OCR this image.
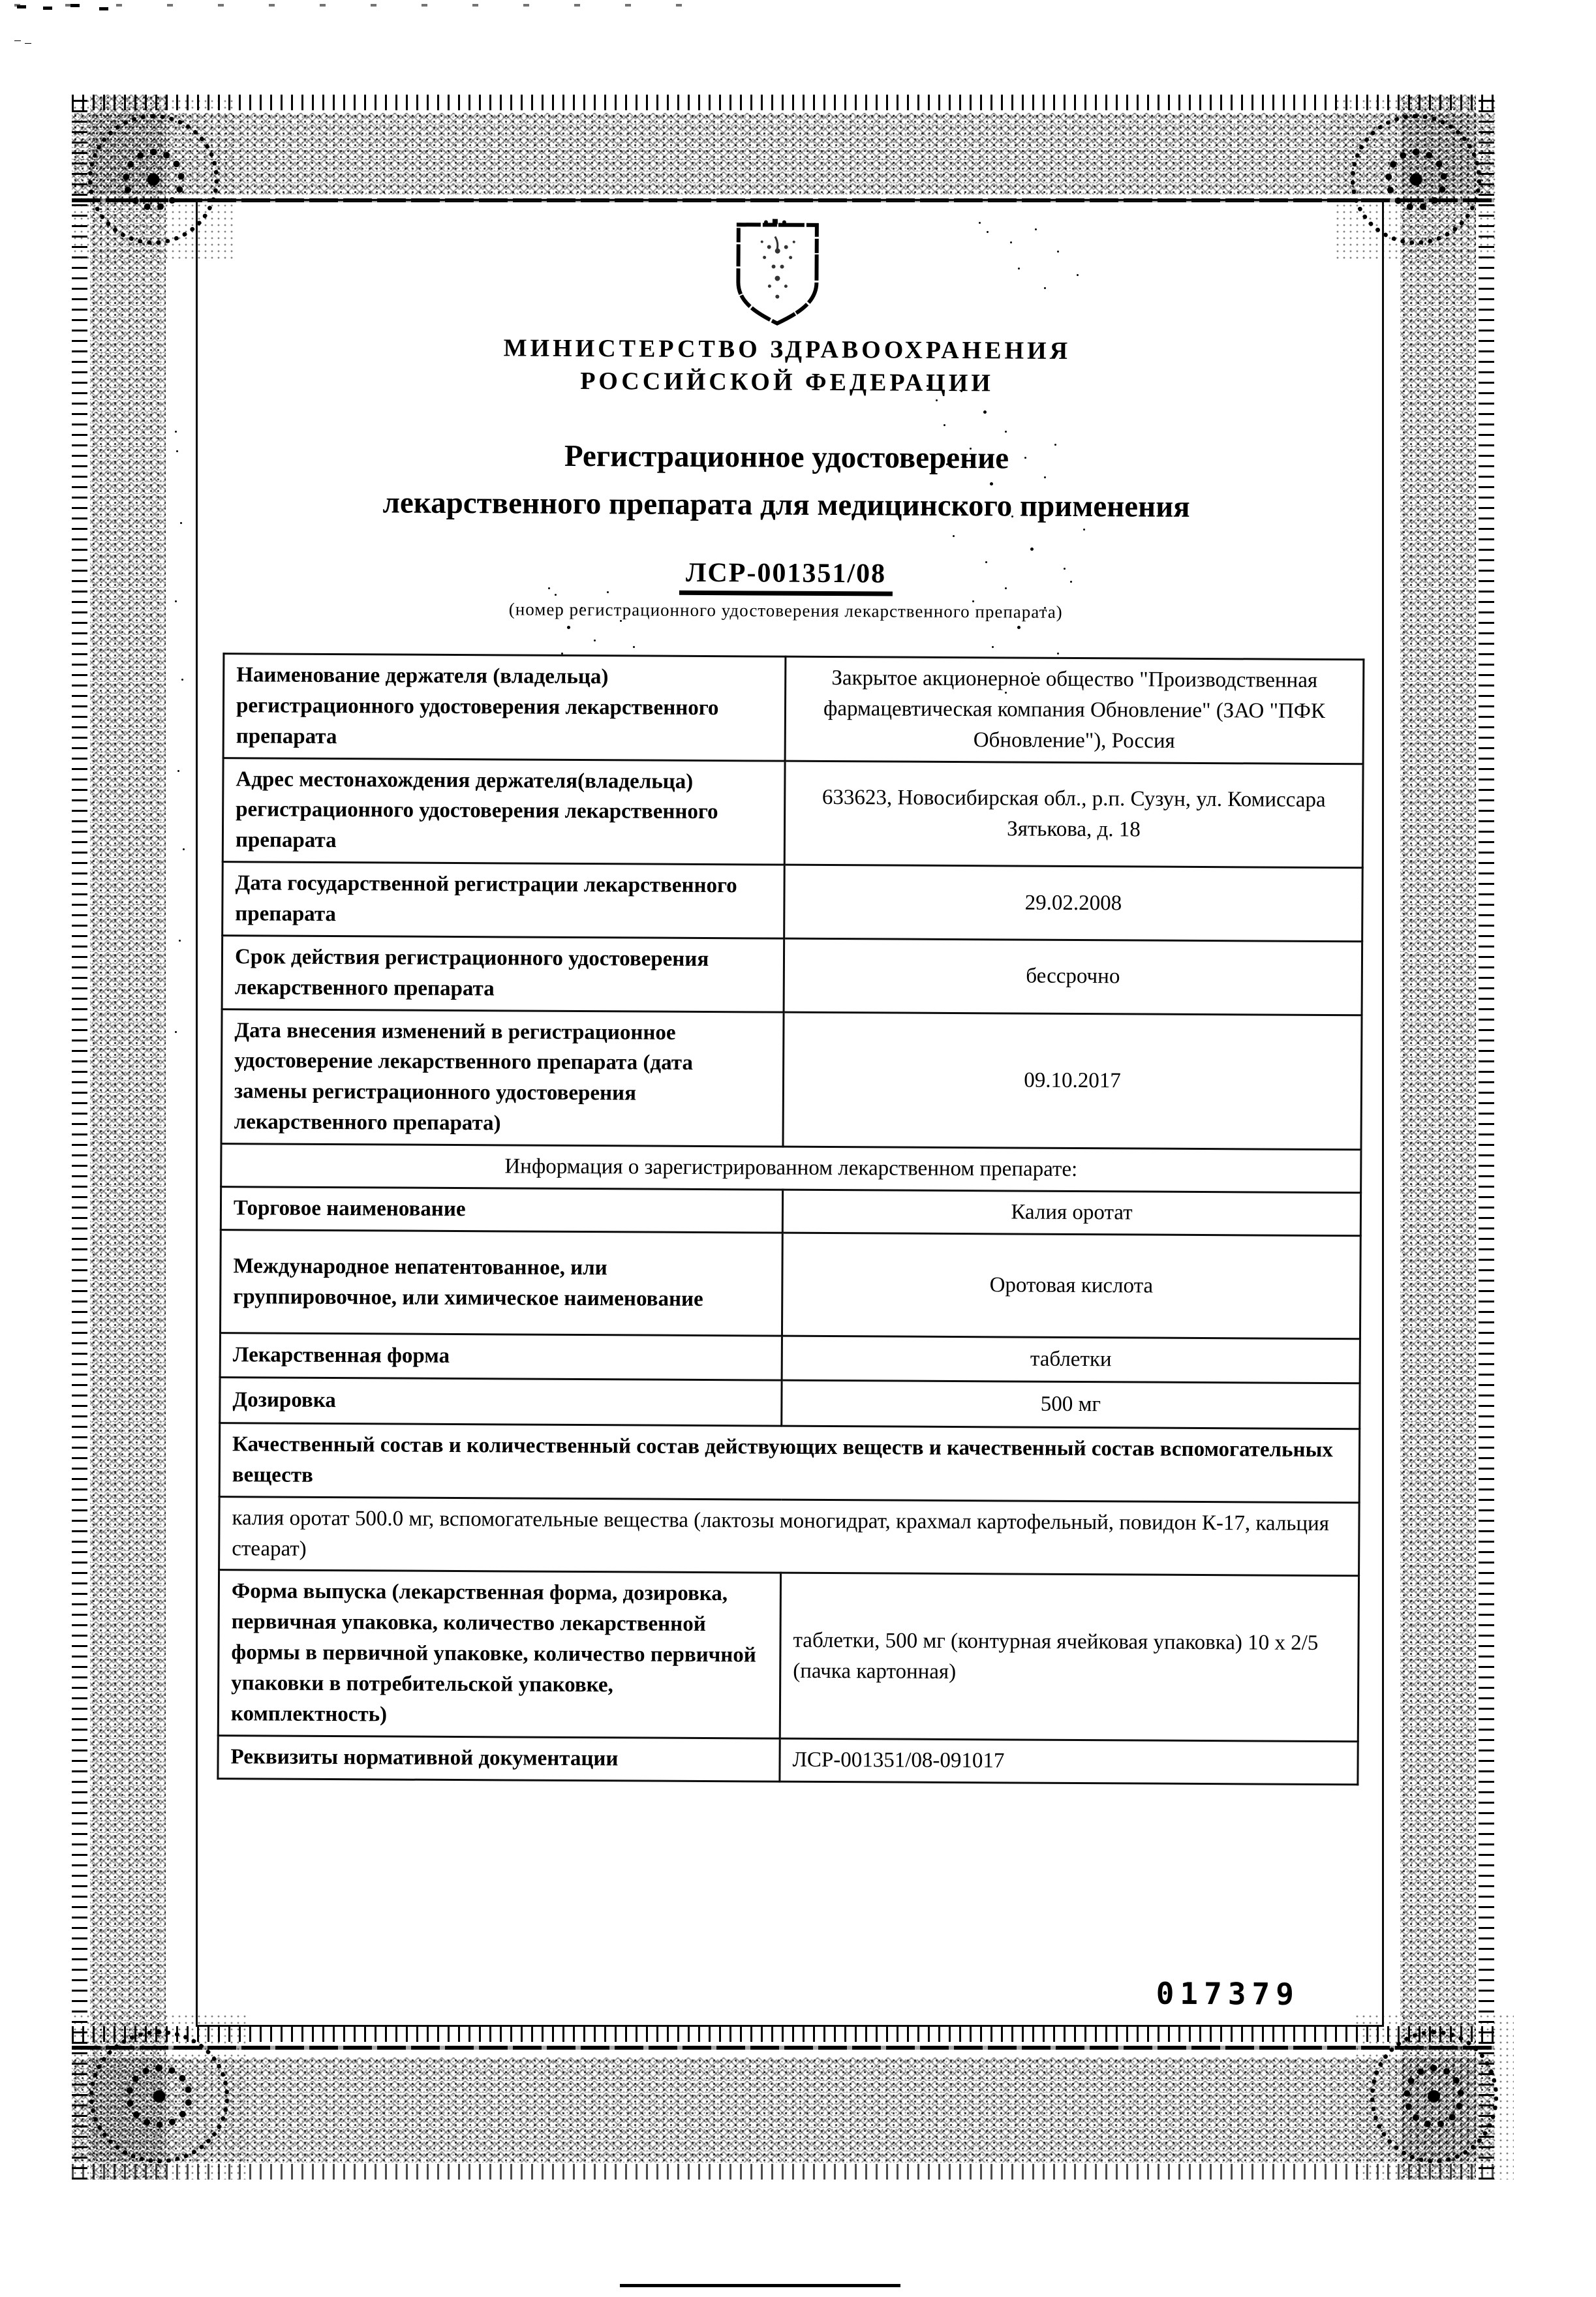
МИНИСТЕРСТВО ЗДРАВООХРАНЕНИЯ
РОССИЙСКОЙ ФЕДЕРАЦИИ
Регистрационное удостоверение
лекарственного препарата для медицинского применения
ЛСР-001351/08
(номер регистрационного удостоверения лекарственного препарата)
Наименование держателя (владельца) регистрационного удостоверения лекарственного препарата	Закрытое акционерное общество "Производственная фармацевтическая компания Обновление" (ЗАО "ПФК Обновление"), Россия
Адрес местонахождения держателя(владельца) регистрационного удостоверения лекарственного препарата	633623, Новосибирская обл., р.п. Сузун, ул. Комиссара Зятькова, д. 18
Дата государственной регистрации лекарственного препарата	29.02.2008
Срок действия регистрационного удостоверения лекарственного препарата	бессрочно
Дата внесения изменений в регистрационное удостоверение лекарственного препарата (дата замены регистрационного удостоверения лекарственного препарата)	09.10.2017
Информация о зарегистрированном лекарственном препарате:	
Торговое наименование	Калия оротат
Международное непатентованное, или группировочное, или химическое наименование	Оротовая кислота
Лекарственная форма	таблетки
Дозировка	500 мг
Качественный состав и количественный состав действующих веществ и качественный состав вспомогательных веществ	
калия оротат 500.0 мг, вспомогательные вещества (лактозы моногидрат, крахмал картофельный, повидон К-17, кальция стеарат)	
Форма выпуска (лекарственная форма, дозировка, первичная упаковка, количество лекарственной формы в первичной упаковке, количество первичной упаковки в потребительской упаковке, комплектность)	таблетки, 500 мг (контурная ячейковая упаковка) 10 х 2/5 (пачка картонная)
Реквизиты нормативной документации	ЛСР-001351/08-091017
017379
